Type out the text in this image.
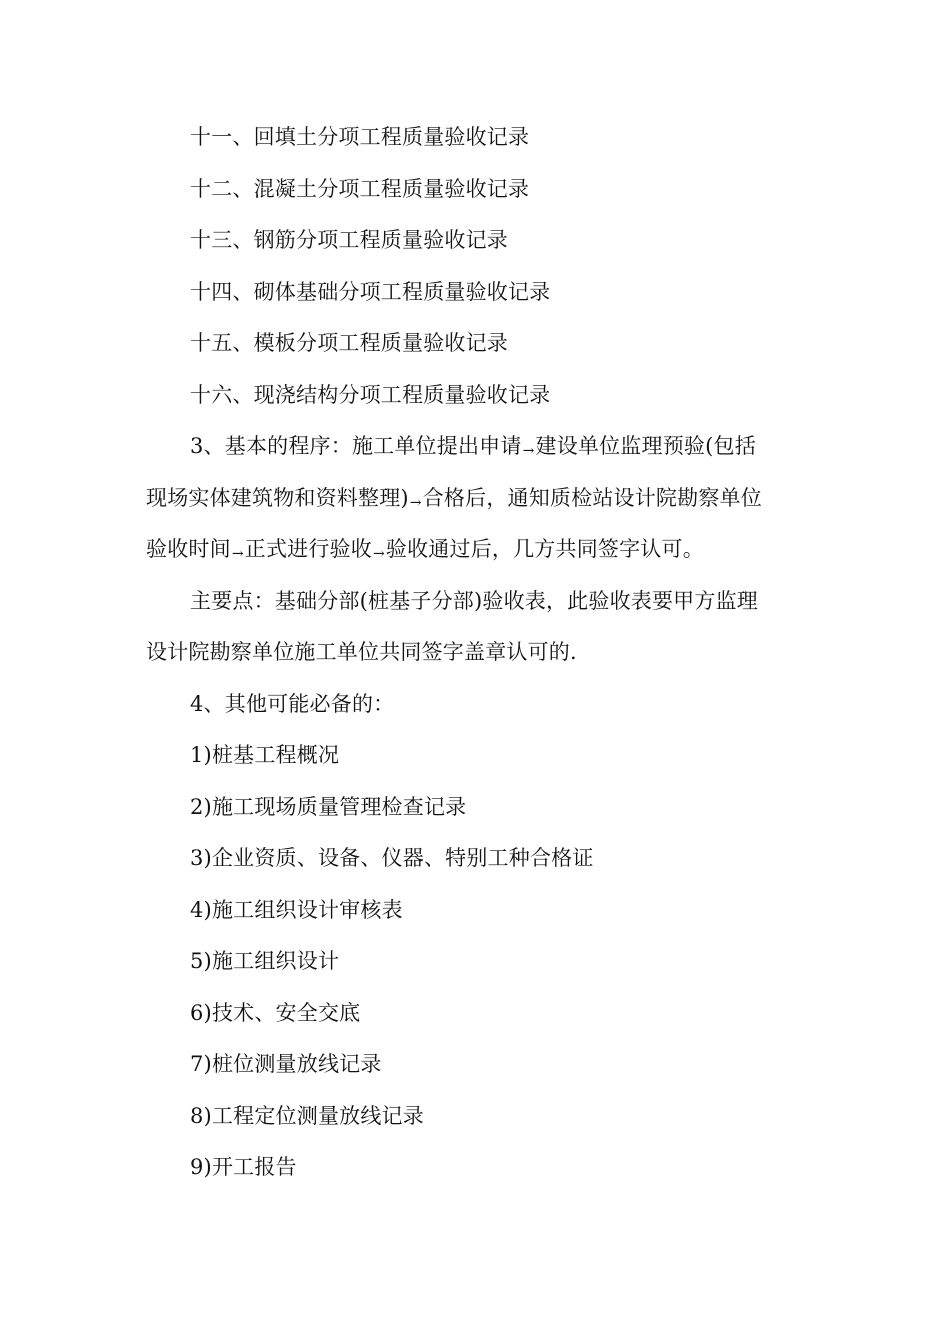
十一、回填土分项工程质量验收记录
十二、混凝土分项工程质量验收记录
十三、钢筋分项工程质量验收记录
十四、砌体基础分项工程质量验收记录
十五、模板分项工程质量验收记录
十六、现浇结构分项工程质量验收记录
3、基本的程序：施工单位提出申请→建设单位监理预验(包括
现场实体建筑物和资料整理)→合格后，通知质检站设计院勘察单位
验收时间→正式进行验收→验收通过后，几方共同签字认可。
主要点：基础分部(桩基子分部)验收表，此验收表要甲方监理
设计院勘察单位施工单位共同签字盖章认可的.
4、其他可能必备的：
1)桩基工程概况
2)施工现场质量管理检查记录
3)企业资质、设备、仪器、特别工种合格证
4)施工组织设计审核表
5)施工组织设计
6)技术、安全交底
7)桩位测量放线记录
8)工程定位测量放线记录
9)开工报告
